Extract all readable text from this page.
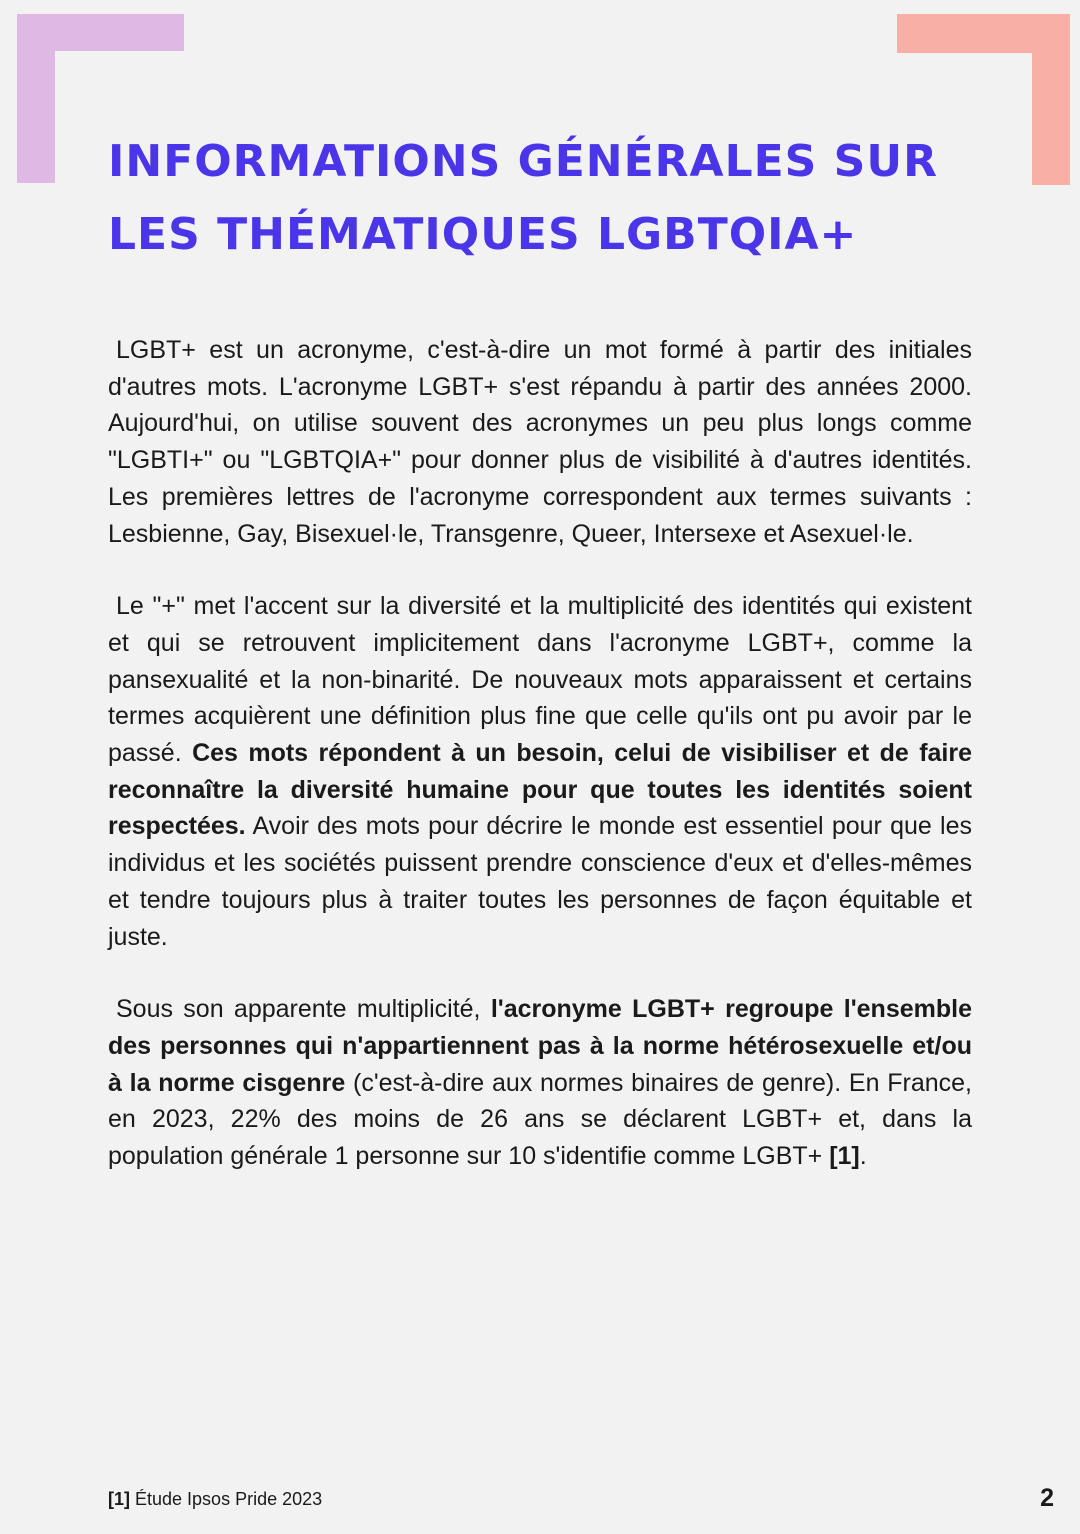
INFORMATIONS GÉNÉRALES SUR
LES THÉMATIQUES LGBTQIA+

LGBT+ est un acronyme, c'est-à-dire un mot formé à partir des initiales d'autres mots. L'acronyme LGBT+ s'est répandu à partir des années 2000. Aujourd'hui, on utilise souvent des acronymes un peu plus longs comme "LGBTI+" ou "LGBTQIA+" pour donner plus de visibilité à d'autres identités. Les premières lettres de l'acronyme correspondent aux termes suivants : Lesbienne, Gay, Bisexuel·le, Transgenre, Queer, Intersexe et Asexuel·le.

Le "+" met l'accent sur la diversité et la multiplicité des identités qui existent et qui se retrouvent implicitement dans l'acronyme LGBT+, comme la pansexualité et la non-binarité. De nouveaux mots apparaissent et certains termes acquièrent une définition plus fine que celle qu'ils ont pu avoir par le passé. Ces mots répondent à un besoin, celui de visibiliser et de faire reconnaître la diversité humaine pour que toutes les identités soient respectées. Avoir des mots pour décrire le monde est essentiel pour que les individus et les sociétés puissent prendre conscience d'eux et d'elles-mêmes et tendre toujours plus à traiter toutes les personnes de façon équitable et juste.

Sous son apparente multiplicité, l'acronyme LGBT+ regroupe l'ensemble des personnes qui n'appartiennent pas à la norme hétérosexuelle et/ou à la norme cisgenre (c'est-à-dire aux normes binaires de genre). En France, en 2023, 22% des moins de 26 ans se déclarent LGBT+ et, dans la population générale 1 personne sur 10 s'identifie comme LGBT+ [1].

[1] Étude Ipsos Pride 2023	2
